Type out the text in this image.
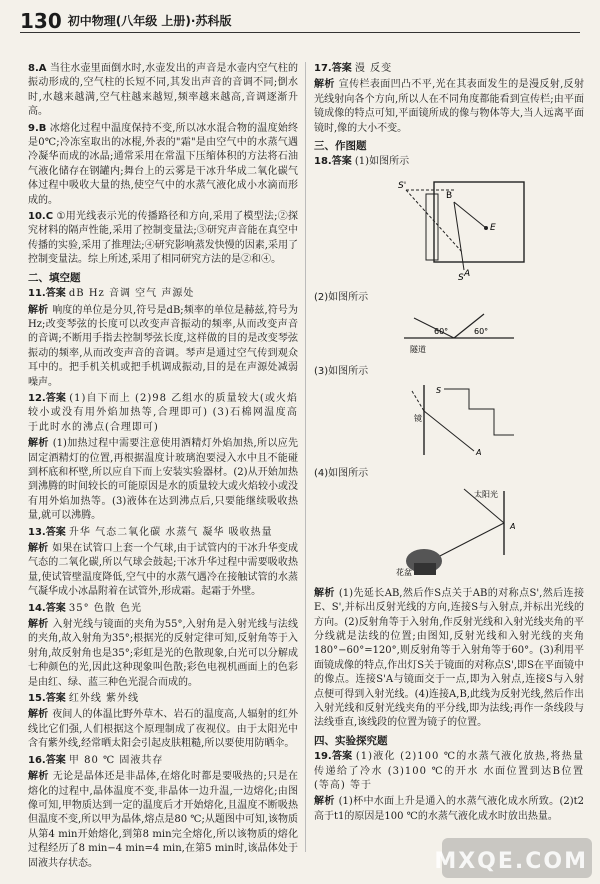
130 初中物理(八年级 上册)·苏科版

8.A 当往水壶里面倒水时,水壶发出的声音是水壶内空气柱的振动形成的,空气柱的长短不同,其发出声音的音调不同;倒水时,水越来越满,空气柱越来越短,频率越来越高,音调逐渐升高。

9.B 冰熔化过程中温度保持不变,所以冰水混合物的温度始终是0℃;冷冻室取出的冰棍,外表的"霜"是由空气中的水蒸气遇冷凝华而成的冰晶;通常采用在常温下压缩体积的方法将石油气液化储存在钢罐内;舞台上的云雾是干冰升华成二氧化碳气体过程中吸收大量的热,使空气中的水蒸气液化成小水滴而形成的。

10.C ①用光线表示光的传播路径和方向,采用了模型法;②探究材料的隔声性能,采用了控制变量法;③研究声音能在真空中传播的实验,采用了推理法;④研究影响蒸发快慢的因素,采用了控制变量法。综上所述,采用了相同研究方法的是②和④。

二、填空题

11.答案 dB Hz 音调 空气 声源处

解析 响度的单位是分贝,符号是dB;频率的单位是赫兹,符号为Hz;改变琴弦的长度可以改变声音振动的频率,从而改变声音的音调;不断用手指去控制琴弦长度,这样做的目的是改变琴弦振动的频率,从而改变声音的音调。琴声是通过空气传到观众耳中的。把手机关机或把手机调成振动,目的是在声源处减弱噪声。

12.答案 (1)自下而上 (2)98 乙组水的质量较大(或火焰较小或没有用外焰加热等,合理即可) (3)石棉网温度高于此时水的沸点(合理即可)

解析 (1)加热过程中需要注意使用酒精灯外焰加热,所以应先固定酒精灯的位置,再根据温度计玻璃泡要浸入水中且不能碰到杯底和杯壁,所以应自下而上安装实验器材。(2)从开始加热到沸腾的时间较长的可能原因是水的质量较大或火焰较小或没有用外焰加热等。(3)液体在达到沸点后,只要能继续吸收热量,就可以沸腾。

13.答案 升华 气态二氧化碳 水蒸气 凝华 吸收热量

解析 如果在试管口上套一个气球,由于试管内的干冰升华变成气态的二氧化碳,所以气球会鼓起;干冰升华过程中需要吸收热量,使试管壁温度降低,空气中的水蒸气遇冷在接触试管的水蒸气凝华成小冰晶附着在试管外,形成霜。起霜于外壁。

14.答案 35° 色散 色光

解析 入射光线与镜面的夹角为55°,入射角是入射光线与法线的夹角,故入射角为35°;根据光的反射定律可知,反射角等于入射角,故反射角也是35°;彩虹是光的色散现象,白光可以分解成七种颜色的光,因此这种现象叫色散;彩色电视机画面上的色彩是由红、绿、蓝三种色光混合而成的。

15.答案 红外线 紫外线

解析 夜间人的体温比野外草木、岩石的温度高,人辐射的红外线比它们强,人们根据这个原理制成了夜视仪。由于太阳光中含有紫外线,经常晒太阳会引起皮肤粗糙,所以要使用防晒伞。

16.答案 甲 80 ℃ 固液共存

解析 无论是晶体还是非晶体,在熔化时都是要吸热的;只是在熔化的过程中,晶体温度不变,非晶体一边升温,一边熔化;由图像可知,甲物质达到一定的温度后才开始熔化,且温度不断吸热但温度不变,所以甲为晶体,熔点是80 ℃;从题图中可知,该物质从第4 min开始熔化,到第8 min完全熔化,所以该物质的熔化过程经历了8 min−4 min=4 min,在第5 min时,该晶体处于固液共存状态。

17.答案 漫 反变

解析 宣传栏表面凹凸不平,光在其表面发生的是漫反射,反射光线射向各个方向,所以人在不同角度都能看到宣传栏;由平面镜成像的特点可知,平面镜所成的像与物体等大,当人远离平面镜时,像的大小不变。

三、作图题

18.答案 (1)如图所示

B
E
S A
S'
(2)如图所示
60°	60°
隧道
(3)如图所示
镜
S
A
(4)如图所示
太阳光
A
花盆

解析 (1)先延长AB,然后作S点关于AB的对称点S',然后连接E、S',并标出反射光线的方向,连接S与入射点,并标出光线的方向。(2)反射角等于入射角,作反射光线和入射光线夹角的平分线就是法线的位置;由图知,反射光线和入射光线的夹角180°−60°=120°,则反射角等于入射角等于60°。(3)利用平面镜成像的特点,作出灯S关于镜面的对称点S',即S在平面镜中的像点。连接S'A与镜面交于一点,即为入射点,连接S与入射点便可得到入射光线。(4)连接A,B,此线为反射光线,然后作出入射光线和反射光线夹角的平分线,即为法线;再作一条线段与法线垂直,该线段的位置为镜子的位置。

四、实验探究题

19.答案 (1)液化 (2)100 ℃的水蒸气液化放热,将热量传递给了冷水 (3)100 ℃的开水 水面位置到达B位置(等高) 等于

解析 (1)杯中水面上升是通入的水蒸气液化成水所致。(2)t2高于t1的原因是100 ℃的水蒸气液化成水时放出热量。

MXQE.COM
